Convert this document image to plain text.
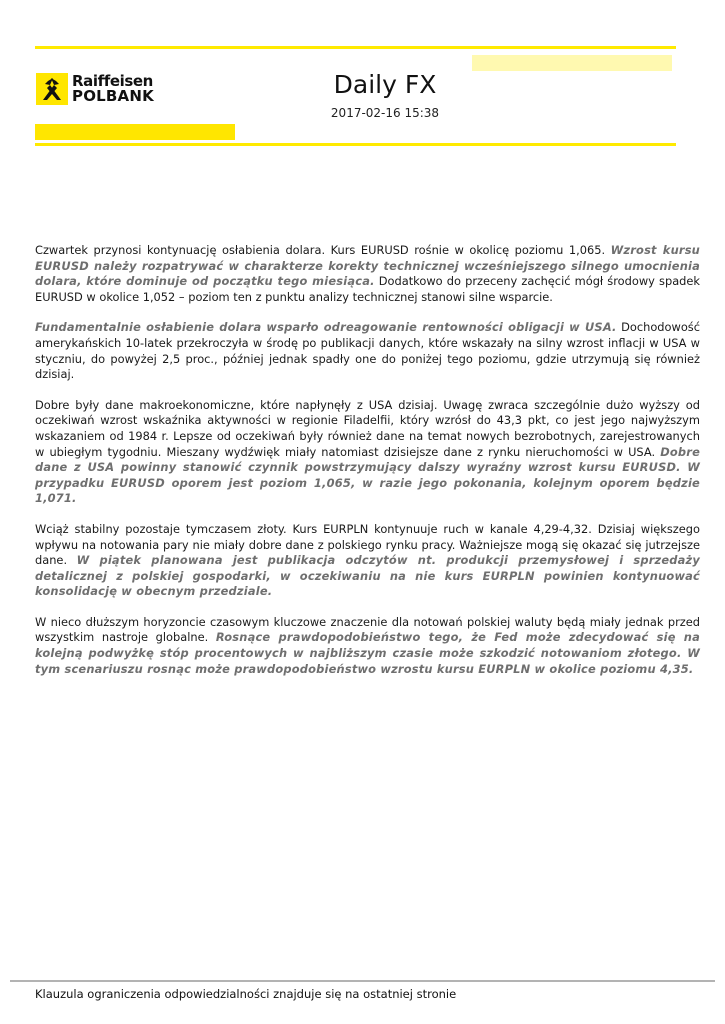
Raiffeisen
POLBANK	Daily FX
2017-02-16 15:38

Czwartek przynosi kontynuację osłabienia dolara. Kurs EURUSD rośnie w okolicę poziomu 1,065. Wzrost kursu EURUSD należy rozpatrywać w charakterze korekty technicznej wcześniejszego silnego umocnienia dolara, które dominuje od początku tego miesiąca. Dodatkowo do przeceny zachęcić mógł środowy spadek EURUSD w okolice 1,052 – poziom ten z punktu analizy technicznej stanowi silne wsparcie.

Fundamentalnie osłabienie dolara wsparło odreagowanie rentowności obligacji w USA. Dochodowość amerykańskich 10-latek przekroczyła w środę po publikacji danych, które wskazały na silny wzrost inflacji w USA w styczniu, do powyżej 2,5 proc., później jednak spadły one do poniżej tego poziomu, gdzie utrzymują się również dzisiaj.

Dobre były dane makroekonomiczne, które napłynęły z USA dzisiaj. Uwagę zwraca szczególnie dużo wyższy od oczekiwań wzrost wskaźnika aktywności w regionie Filadelfii, który wzrósł do 43,3 pkt, co jest jego najwyższym wskazaniem od 1984 r. Lepsze od oczekiwań były również dane na temat nowych bezrobotnych, zarejestrowanych w ubiegłym tygodniu. Mieszany wydźwięk miały natomiast dzisiejsze dane z rynku nieruchomości w USA. Dobre dane z USA powinny stanowić czynnik powstrzymujący dalszy wyraźny wzrost kursu EURUSD. W przypadku EURUSD oporem jest poziom 1,065, w razie jego pokonania, kolejnym oporem będzie 1,071.

Wciąż stabilny pozostaje tymczasem złoty. Kurs EURPLN kontynuuje ruch w kanale 4,29-4,32. Dzisiaj większego wpływu na notowania pary nie miały dobre dane z polskiego rynku pracy. Ważniejsze mogą się okazać się jutrzejsze dane. W piątek planowana jest publikacja odczytów nt. produkcji przemysłowej i sprzedaży detalicznej z polskiej gospodarki, w oczekiwaniu na nie kurs EURPLN powinien kontynuować konsolidację w obecnym przedziale.

W nieco dłuższym horyzoncie czasowym kluczowe znaczenie dla notowań polskiej waluty będą miały jednak przed wszystkim nastroje globalne. Rosnące prawdopodobieństwo tego, że Fed może zdecydować się na kolejną podwyżkę stóp procentowych w najbliższym czasie może szkodzić notowaniom złotego. W tym scenariuszu rosnąc może prawdopodobieństwo wzrostu kursu EURPLN w okolice poziomu 4,35.

Klauzula ograniczenia odpowiedzialności znajduje się na ostatniej stronie
